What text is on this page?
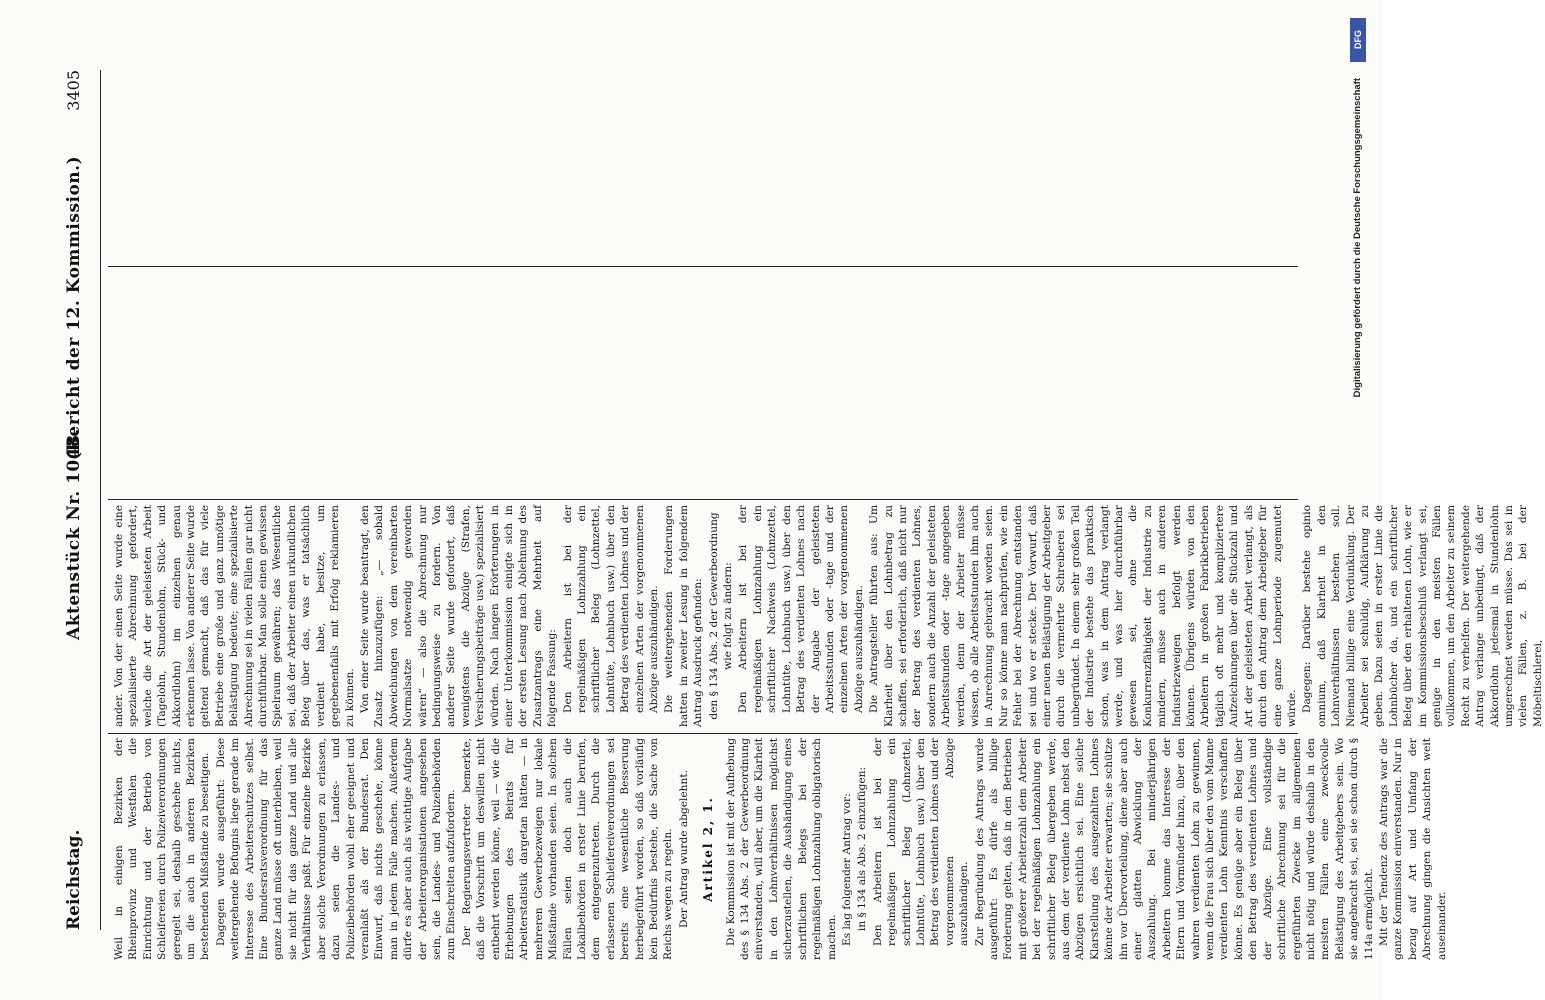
Reichstag.
Aktenstück Nr. 1048.
(Bericht der 12. Kommission.)
3405

Weil in einigen Bezirken der Rheinprovinz und Westfalen die Einrichtung und der Betrieb von Schleifereien durch Polizeiverordnungen geregelt sei, deshalb geschehe nichts, um die auch in anderen Bezirken bestehenden Mißstände zu beseitigen. Dagegen wurde ausgeführt: Diese weitergehende Befugnis liege gerade im Interesse des Arbeiterschutzes selbst. Eine Bundesratsverordnung für das ganze Land müsse oft unterbleiben, weil sie nicht für das ganze Land und alle Verhältnisse paßt. Für einzelne Bezirke aber solche Verordnungen zu erlassen, dazu seien die Landes- und Polizeibehörden wohl eher geeignet und veranlaßt als der Bundesrat. Den Einwurf, daß nichts geschehe, könne man in jedem Falle machen. Außerdem dürfe es aber auch als wichtige Aufgabe der Arbeiterorganisationen angesehen sein, die Landes- und Polizeibehörden zum Einschreiten aufzufordern. Der Regierungsvertreter bemerkte, daß die Vorschrift um deswillen nicht entbehrt werden könne, weil — wie die Erhebungen des Beirats für Arbeiterstatistik dargetan hätten — in mehreren Gewerbezweigen nur lokale Mißstände vorhanden seien. In solchen Fällen seien doch auch die Lokalbehörden in erster Linie berufen, dem entgegenzutreten. Durch die erlassenen Schleifereiverordnungen sei bereits eine wesentliche Besserung herbeigeführt worden, so daß vorläufig kein Bedürfnis bestehe, die Sache von Reichs wegen zu regeln. Der Antrag wurde abgelehnt. Artikel 2, 1. Die Kommission ist mit der Aufhebung des § 134 Abs. 2 der Gewerbeordnung einverstanden, will aber, um die Klarheit in den Lohnverhältnissen möglichst sicherzustellen, die Aushändigung eines schriftlichen Belegs bei der regelmäßigen Lohnzahlung obligatorisch machen. Es lag folgender Antrag vor: in § 134 als Abs. 2 einzufügen: Den Arbeitern ist bei der regelmäßigen Lohnzahlung ein schriftlicher Beleg (Lohnzettel, Lohntüte, Lohnbuch usw.) über den Betrag des verdienten Lohnes und der vorgenommenen Abzüge auszuhändigen. Zur Begründung des Antrags wurde ausgeführt: Es dürfe als billige Forderung gelten, daß in den Betrieben mit größerer Arbeiterzahl dem Arbeiter bei der regelmäßigen Lohnzahlung ein schriftlicher Beleg übergeben werde, aus dem der verdiente Lohn nebst den Abzügen ersichtlich sei. Eine solche Klarstellung des ausgezahlten Lohnes könne der Arbeiter erwarten; sie schütze ihn vor Übervorteilung, diene aber auch einer glatten Abwicklung der Auszahlung. Bei minderjährigen Arbeitern komme das Interesse der Eltern und Vormünder hinzu, über den wahren verdienten Lohn zu gewinnen, wenn die Frau sich über den vom Manne verdienten Lohn Kenntnis verschaffen könne. Es genüge aber ein Beleg über den Betrag des verdienten Lohnes und der Abzüge. Eine vollständige schriftliche Abrechnung sei für die ergeführten Zwecke im allgemeinen nicht nötig und würde deshalb in den meisten Fällen eine zweckvolle Belästigung des Arbeitgebers sein. Wo sie angebracht sei, sei sie schon durch § 114a ermöglicht. Mit der Tendenz des Antrags war die ganze Kommission einverstanden. Nur in bezug auf Art und Umfang der Abrechnung gingen die Ansichten weit auseinander.

ander. Von der einen Seite wurde eine spezialisierte Abrechnung gefordert, welche die Art der geleisteten Arbeit (Tagelohn, Stundenlohn, Stück- und Akkordlohn) im einzelnen genau erkennen lasse. Von anderer Seite wurde geltend gemacht, daß das für viele Betriebe eine große und ganz unnötige Belästigung bedeute; eine spezialisierte Abrechnung sei in vielen Fällen gar nicht durchführbar. Man solle einen gewissen Spielraum gewähren; das Wesentliche sei, daß der Arbeiter einen urkundlichen Beleg über das, was er tatsächlich verdient habe, besitze, um gegebenenfalls mit Erfolg reklamieren zu können. Von einer Seite wurde beantragt, den Zusatz hinzuzufügen: „— sobald Abweichungen von dem vereinbarten Normalsatze notwendig geworden wären“ — also die Abrechnung nur bedingungsweise zu fordern. Von anderer Seite wurde gefordert, daß wenigstens die Abzüge (Strafen, Versicherungsbeiträge usw.) spezialisiert würden. Nach langen Erörterungen in einer Unterkommission einigte sich in der ersten Lesung nach Ablehnung des Zusatzantrags eine Mehrheit auf folgende Fassung: Den Arbeitern ist bei der regelmäßigen Lohnzahlung ein schriftlicher Beleg (Lohnzettel, Lohntüte, Lohnbuch usw.) über den Betrag des verdienten Lohnes und der einzelnen Arten der vorgenommenen Abzüge auszuhändigen. Die weitergehenden Forderungen hatten in zweiter Lesung in folgendem Antrag Ausdruck gefunden: den § 134 Abs. 2 der Gewerbeordnung wie folgt zu ändern: Den Arbeitern ist bei der regelmäßigen Lohnzahlung ein schriftlicher Nachweis (Lohnzettel, Lohntüte, Lohnbuch usw.) über den Betrag des verdienten Lohnes nach der Angabe der geleisteten Arbeitsstunden oder -tage und der einzelnen Arten der vorgenommenen Abzüge auszuhändigen. Die Antragsteller führten aus: Um Klarheit über den Lohnbetrag zu schaffen, sei erforderlich, daß nicht nur der Betrag des verdienten Lohnes, sondern auch die Anzahl der geleisteten Arbeitsstunden oder -tage angegeben werden, denn der Arbeiter müsse wissen, ob alle Arbeitsstunden ihm auch in Anrechnung gebracht worden seien. Nur so könne man nachprüfen, wie ein Fehler bei der Abrechnung entstanden sei und wo er stecke. Der Vorwurf, daß einer neuen Belästigung der Arbeitgeber durch die vermehrte Schreiberei sei unbegründet. In einem sehr großen Teil der Industrie bestehe das praktisch schon, was in dem Antrag verlangt werde, und was hier durchführbar gewesen sei, ohne die Konkurrenzfähigkeit der Industrie zu mindern, müsse auch in anderen Industriezweigen befolgt werden können. Übrigens würden von den Arbeitern in großen Fabrikbetrieben täglich oft mehr und kompliziertere Aufzeichnungen über die Stückzahl und Art der geleisteten Arbeit verlangt, als durch den Antrag dem Arbeitgeber für eine ganze Lohnperiode zugemutet würde. Dagegen: Darüber bestehe opinio omnium, daß Klarheit in den Lohnverhältnissen bestehen soll. Niemand billige eine Verdunklung. Der Arbeiter sei schuldig, Aufklärung zu geben. Dazu seien in erster Linie die Lohnbücher da, und ein schriftlicher Beleg über den erhaltenen Lohn, wie er im Kommissionsbeschluß verlangt sei, genüge in den meisten Fällen vollkommen, um den Arbeiter zu seinem Recht zu verhelfen. Der weitergehende Antrag verlange unbedingt, daß der Akkordlohn jedesmal in Stundenlohn umgerechnet werden müsse. Das sei in vielen Fällen, z. B. bei der Möbeltischlerei,

DFG
Digitalisierung gefördert durch die Deutsche Forschungsgemeinschaft
